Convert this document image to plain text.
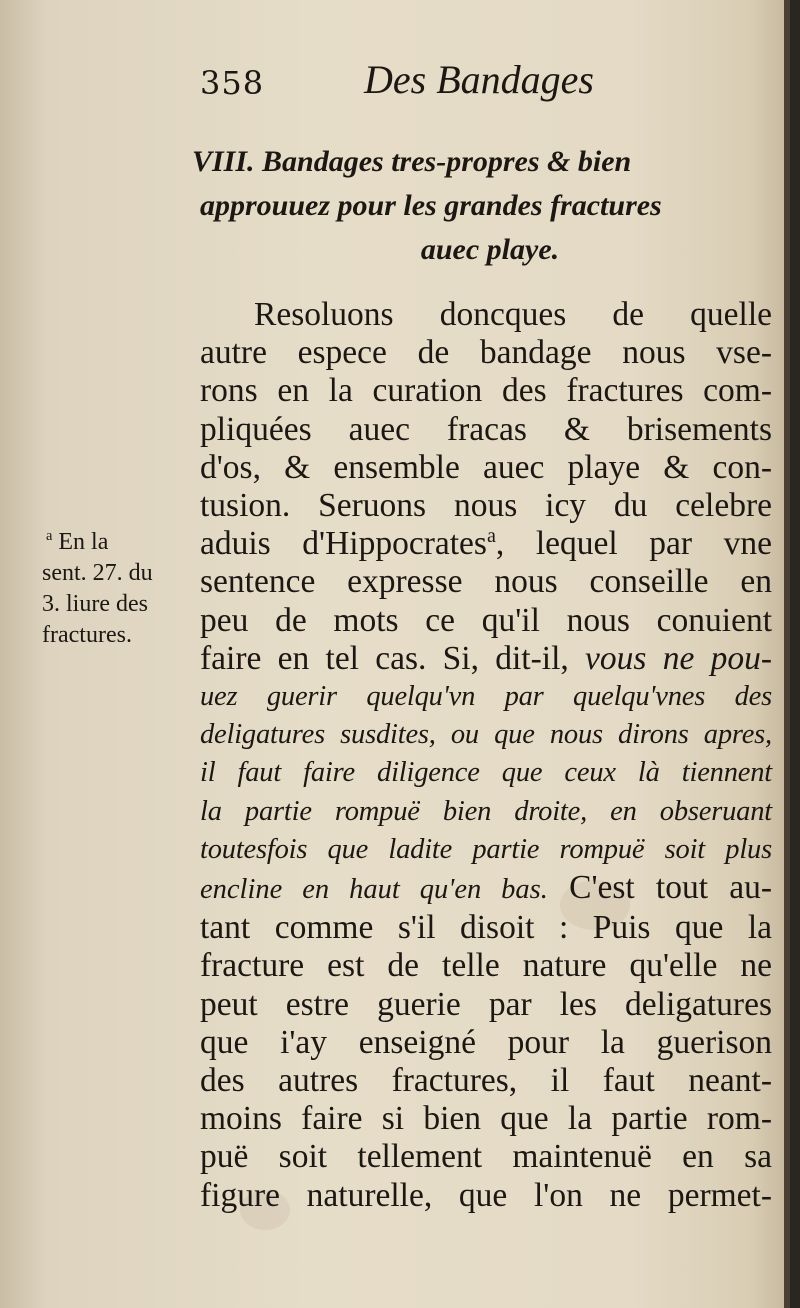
358 Des Bandages
VIII. Bandages tres-propres & bien
approuuez pour les grandes fractures
auec playe.
$^a$ En la
sent. 27. du
3. liure des
fractures.
Resoluons doncques de quelle
autre espece de bandage nous vse-
rons en la curation des fractures com-
pliquées auec fracas & brisements
d'os, & ensemble auec playe & con-
tusion. Seruons nous icy du celebre
aduis d'Hippocrates$^a$, lequel par vne
sentence expresse nous conseille en
peu de mots ce qu'il nous conuient
faire en tel cas. Si, dit-il, vous ne pou-
uez guerir quelqu'vn par quelqu'vnes des
deligatures susdites, ou que nous dirons apres,
il faut faire diligence que ceux là tiennent
la partie rompuë bien droite, en obseruant
toutesfois que ladite partie rompuë soit plus
encline en haut qu'en bas. C'est tout au-
tant comme s'il disoit : Puis que la
fracture est de telle nature qu'elle ne
peut estre guerie par les deligatures
que i'ay enseigné pour la guerison
des autres fractures, il faut neant-
moins faire si bien que la partie rom-
puë soit tellement maintenuë en sa
figure naturelle, que l'on ne permet-
